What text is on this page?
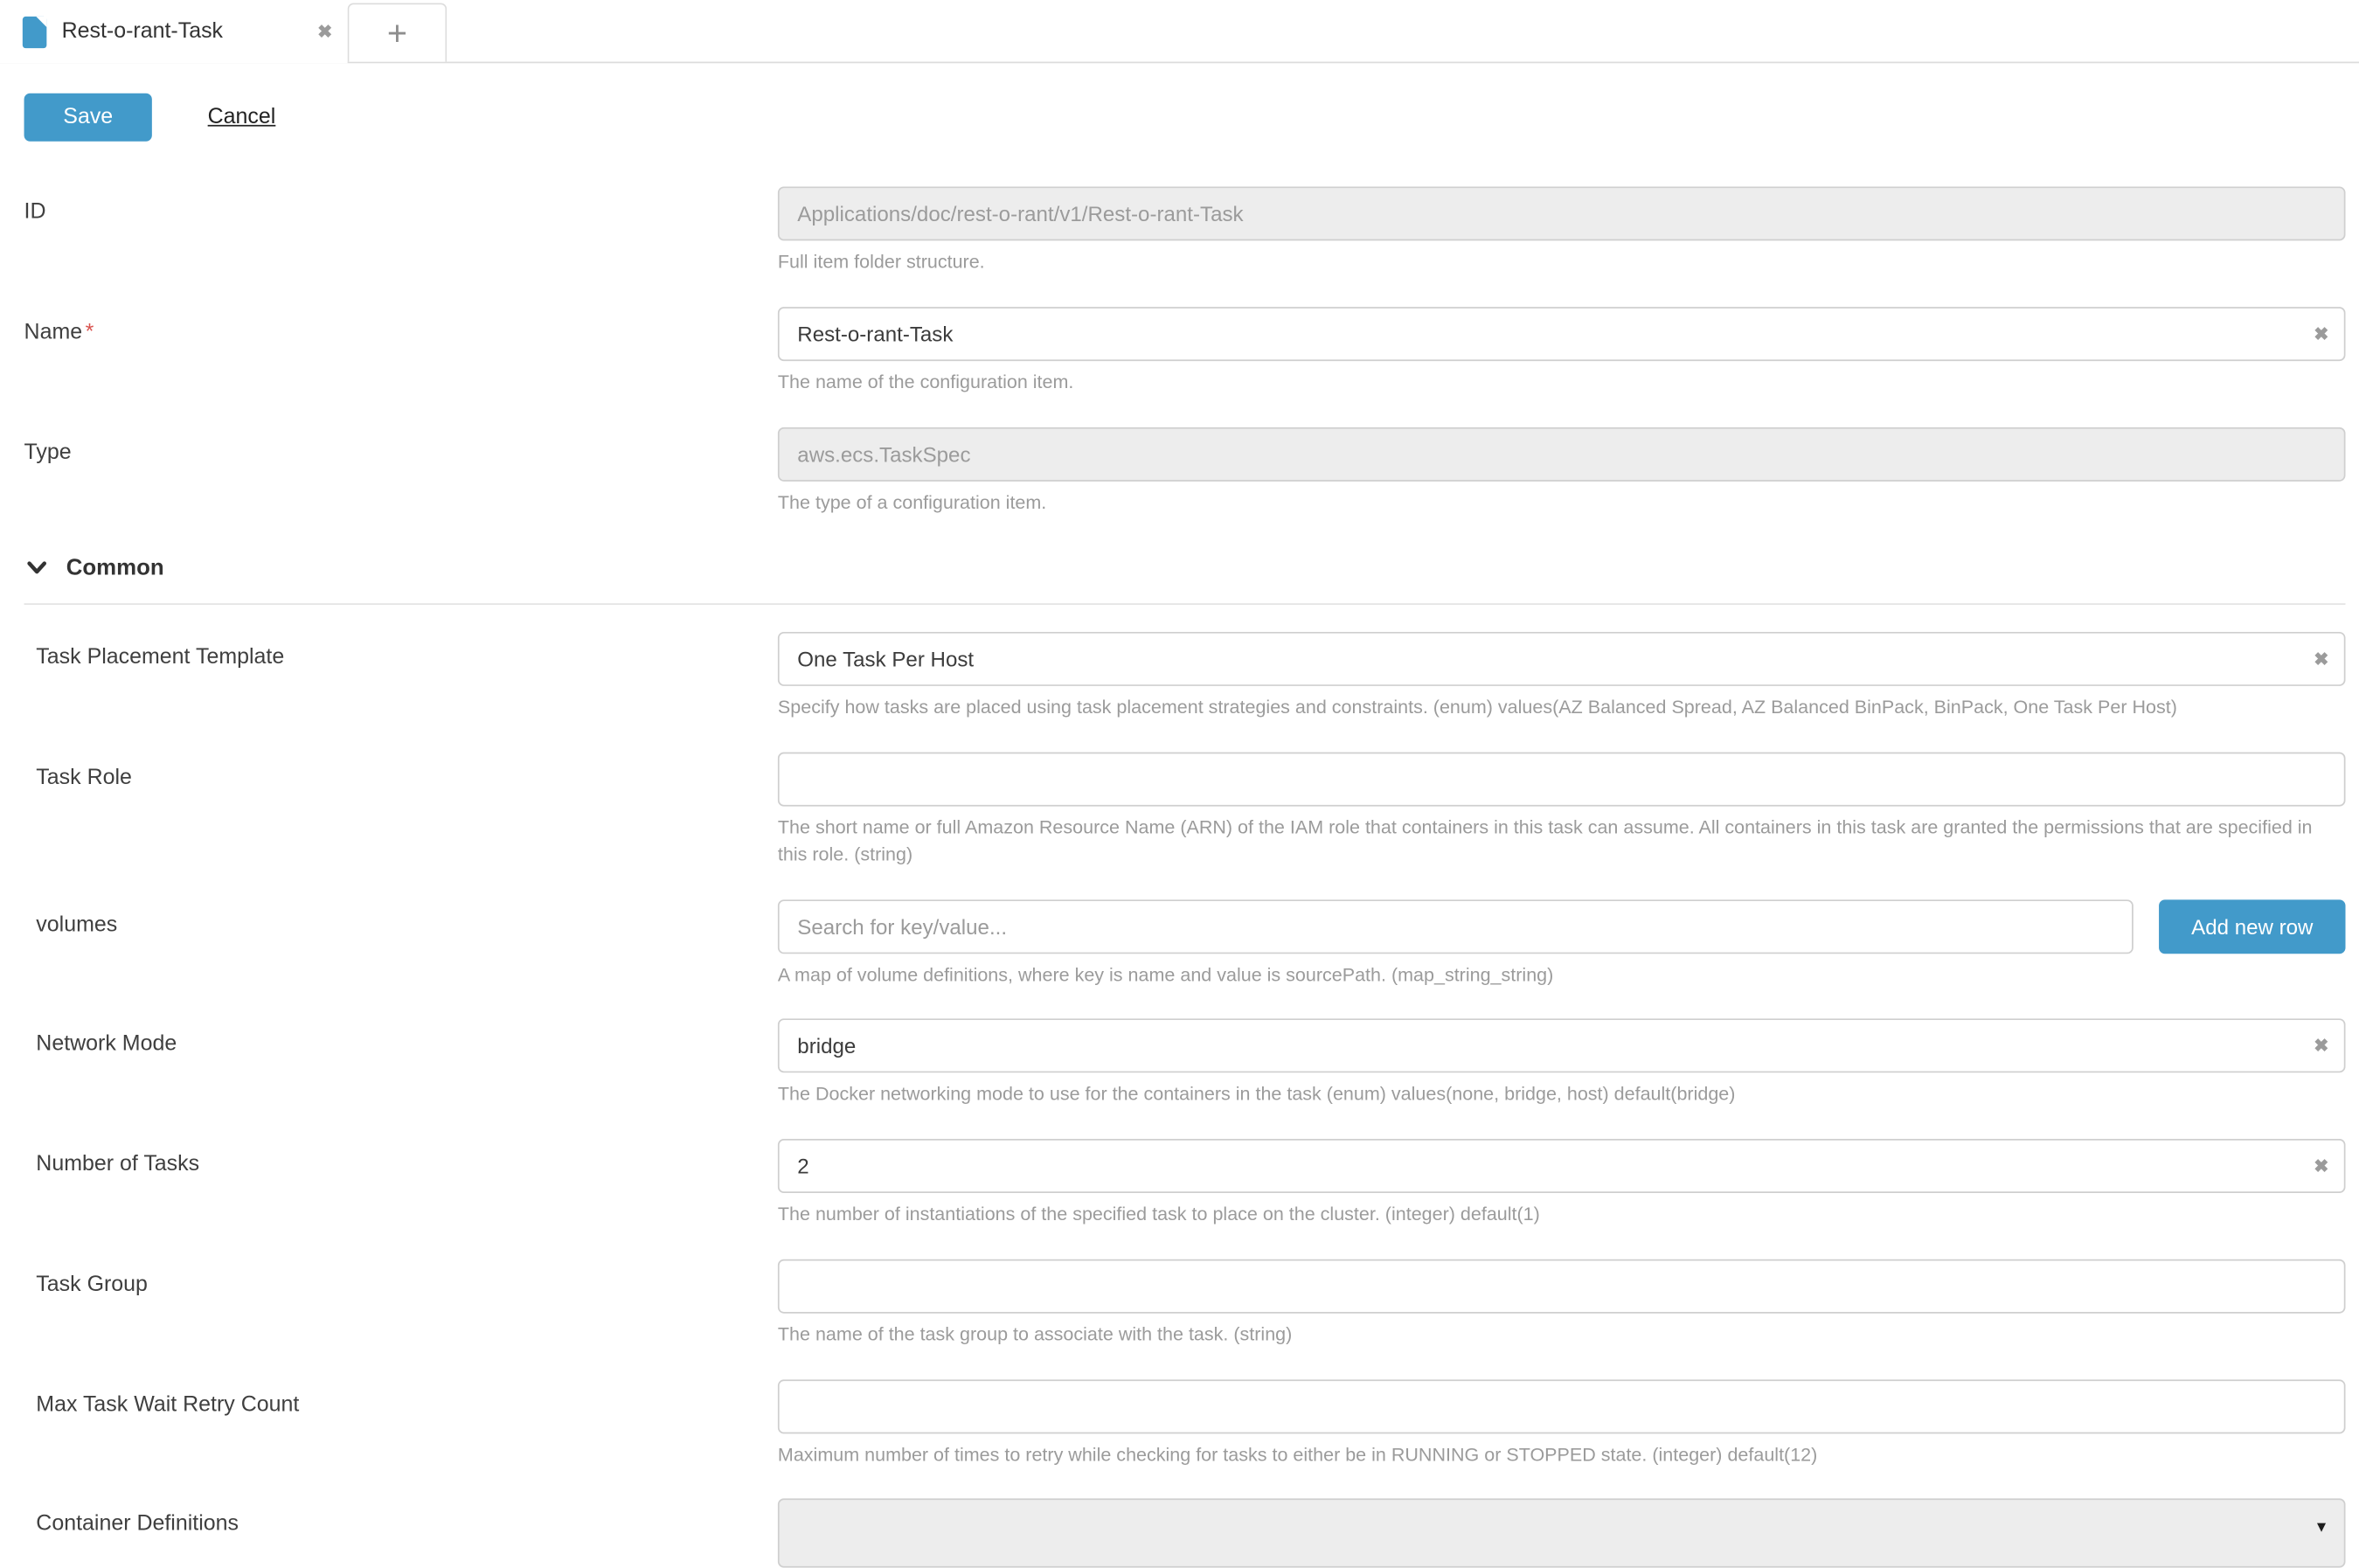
Rest-o-rant-Task	✖	+
Save	Cancel
ID
Applications/doc/rest-o-rant/v1/Rest-o-rant-Task
Full item folder structure.
Name *
Rest-o-rant-Task	✖
The name of the configuration item.
Type
aws.ecs.TaskSpec
The type of a configuration item.
Common
Task Placement Template
One Task Per Host	✖
Specify how tasks are placed using task placement strategies and constraints. (enum) values(AZ Balanced Spread, AZ Balanced BinPack, BinPack, One Task Per Host)
Task Role
The short name or full Amazon Resource Name (ARN) of the IAM role that containers in this task can assume. All containers in this task are granted the permissions that are specified in this role. (string)
volumes
Search for key/value...	Add new row
A map of volume definitions, where key is name and value is sourcePath. (map_string_string)
Network Mode
bridge	✖
The Docker networking mode to use for the containers in the task (enum) values(none, bridge, host) default(bridge)
Number of Tasks
2	✖
The number of instantiations of the specified task to place on the cluster. (integer) default(1)
Task Group
The name of the task group to associate with the task. (string)
Max Task Wait Retry Count
Maximum number of times to retry while checking for tasks to either be in RUNNING or STOPPED state. (integer) default(12)
Container Definitions	▼
